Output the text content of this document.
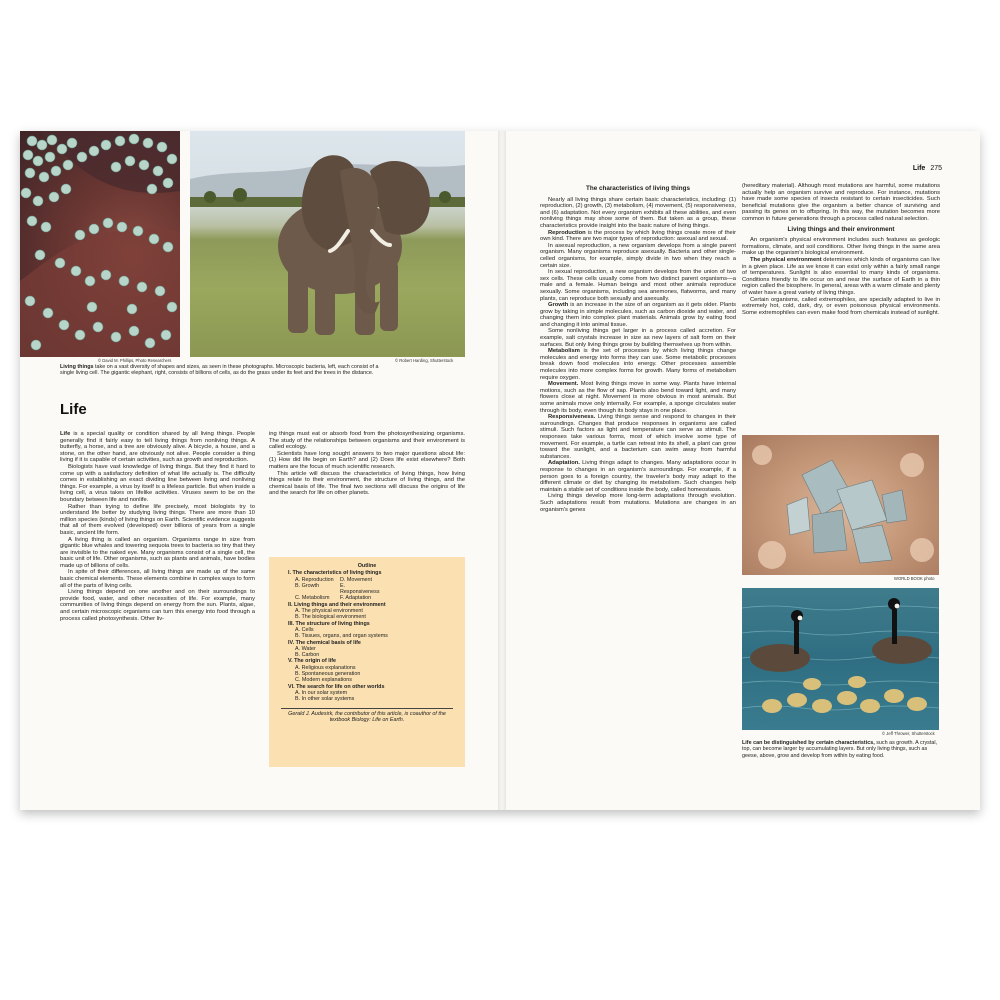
© David M. Phillips, Photo Researchers	© Robert Harding, Shutterstock
Living things take on a vast diversity of shapes and sizes, as seen in these photographs. Microscopic bacteria, left, each consist of a single living cell. The gigantic elephant, right, consists of billions of cells, as do the grass under its feet and the trees in the distance.
Life

Life is a special quality or condition shared by all living things. People generally find it fairly easy to tell living things from nonliving things. A butterfly, a horse, and a tree are obviously alive. A bicycle, a house, and a stone, on the other hand, are obviously not alive. People consider a thing living if it is capable of certain activities, such as growth and reproduction.

Biologists have vast knowledge of living things. But they find it hard to come up with a satisfactory definition of what life actually is. The difficulty comes in establishing an exact dividing line between living and nonliving things. For example, a virus by itself is a lifeless particle. But when inside a living cell, a virus takes on lifelike activities. Viruses seem to be on the boundary between life and nonlife.

Rather than trying to define life precisely, most biologists try to understand life better by studying living things. There are more than 10 million species (kinds) of living things on Earth. Scientific evidence suggests that all of them evolved (developed) over billions of years from a single basic, ancient life form.

A living thing is called an organism. Organisms range in size from gigantic blue whales and towering sequoia trees to bacteria so tiny that they are invisible to the naked eye. Many organisms consist of a single cell, the basic unit of life. Other organisms, such as plants and animals, have bodies made up of billions of cells.

In spite of their differences, all living things are made up of the same basic chemical elements. These elements combine in complex ways to form all of the parts of living cells.

Living things depend on one another and on their surroundings to provide food, water, and other necessities of life. For example, many communities of living things depend on energy from the sun. Plants, algae, and certain microscopic organisms can turn this energy into food through a process called photosynthesis. Other liv-

ing things must eat or absorb food from the photosynthesizing organisms. The study of the relationships between organisms and their environment is called ecology.

Scientists have long sought answers to two major questions about life: (1) How did life begin on Earth? and (2) Does life exist elsewhere? Both matters are the focus of much scientific research.

This article will discuss the characteristics of living things, how living things relate to their environment, the structure of living things, and the chemical basis of life. The final two sections will discuss the origins of life and the search for life on other planets.

Outline
I. The characteristics of living things
A. Reproduction	D. Movement
B. Growth	E. Responsiveness
C. Metabolism	F. Adaptation
II. Living things and their environment
A. The physical environment
B. The biological environment
III. The structure of living things
A. Cells
B. Tissues, organs, and organ systems
IV. The chemical basis of life
A. Water
B. Carbon
V. The origin of life
A. Religious explanations
B. Spontaneous generation
C. Modern explanations
VI. The search for life on other worlds
A. In our solar system
B. In other solar systems
Gerald J. Audesirk, the contributor of this article, is coauthor of the textbook Biology: Life on Earth.
Life 275
The characteristics of living things

Nearly all living things share certain basic characteristics, including: (1) reproduction, (2) growth, (3) metabolism, (4) movement, (5) responsiveness, and (6) adaptation. Not every organism exhibits all these abilities, and even nonliving things may show some of them. But taken as a group, these characteristics provide insight into the basic nature of living things.

Reproduction is the process by which living things create more of their own kind. There are two major types of reproduction: asexual and sexual.

In asexual reproduction, a new organism develops from a single parent organism. Many organisms reproduce asexually. Bacteria and other single-celled organisms, for example, simply divide in two when they reach a certain size.

In sexual reproduction, a new organism develops from the union of two sex cells. These cells usually come from two distinct parent organisms—a male and a female. Human beings and most other animals reproduce sexually. Some organisms, including sea anemones, flatworms, and many plants, can reproduce both sexually and asexually.

Growth is an increase in the size of an organism as it gets older. Plants grow by taking in simple molecules, such as carbon dioxide and water, and changing them into complex plant materials. Animals grow by eating food and changing it into animal tissue.

Some nonliving things get larger in a process called accretion. For example, salt crystals increase in size as new layers of salt form on their surfaces. But only living things grow by building themselves up from within.

Metabolism is the set of processes by which living things change molecules and energy into forms they can use. Some metabolic processes break down food molecules into energy. Other processes assemble molecules into more complex forms for growth. Many forms of metabolism require oxygen.

Movement. Most living things move in some way. Plants have internal motions, such as the flow of sap. Plants also bend toward light, and many flowers close at night. Movement is more obvious in most animals. But some animals move only internally. For example, a sponge circulates water through its body, even though its body stays in one place.

Responsiveness. Living things sense and respond to changes in their surroundings. Changes that produce responses in organisms are called stimuli. Such factors as light and temperature can serve as stimuli. The responses take various forms, most of which involve some type of movement. For example, a turtle can retreat into its shell, a plant can grow toward the sunlight, and a bacterium can swim away from harmful substances.

Adaptation. Living things adapt to changes. Many adaptations occur in response to changes in an organism's surroundings. For example, if a person goes to a foreign country, the traveler's body may adapt to the different climate or diet by changing its metabolism. Such changes help maintain a stable set of conditions inside the body, called homeostasis.

Living things develop more long-term adaptations through evolution. Such adaptations result from mutations. Mutations are changes in an organism's genes

(hereditary material). Although most mutations are harmful, some mutations actually help an organism survive and reproduce. For instance, mutations have made some species of insects resistant to certain insecticides. Such beneficial mutations give the organism a better chance of surviving and passing its genes on to offspring. In this way, the mutation becomes more common in future generations through a process called natural selection.

Living things and their environment

An organism's physical environment includes such features as geologic formations, climate, and soil conditions. Other living things in the same area make up the organism's biological environment.

The physical environment determines which kinds of organisms can live in a given place. Life as we know it can exist only within a fairly small range of temperatures. Sunlight is also essential to many kinds of organisms. Conditions friendly to life occur on and near the surface of Earth in a thin region called the biosphere. In general, areas with a warm climate and plenty of water have a great variety of living things.

Certain organisms, called extremophiles, are specially adapted to live in extremely hot, cold, dark, dry, or even poisonous physical environments. Some extremophiles can even make food from chemicals instead of sunlight.

WORLD BOOK photo
© Jeff Thrower, Shutterstock
Life can be distinguished by certain characteristics, such as growth. A crystal, top, can become larger by accumulating layers. But only living things, such as geese, above, grow and develop from within by eating food.
